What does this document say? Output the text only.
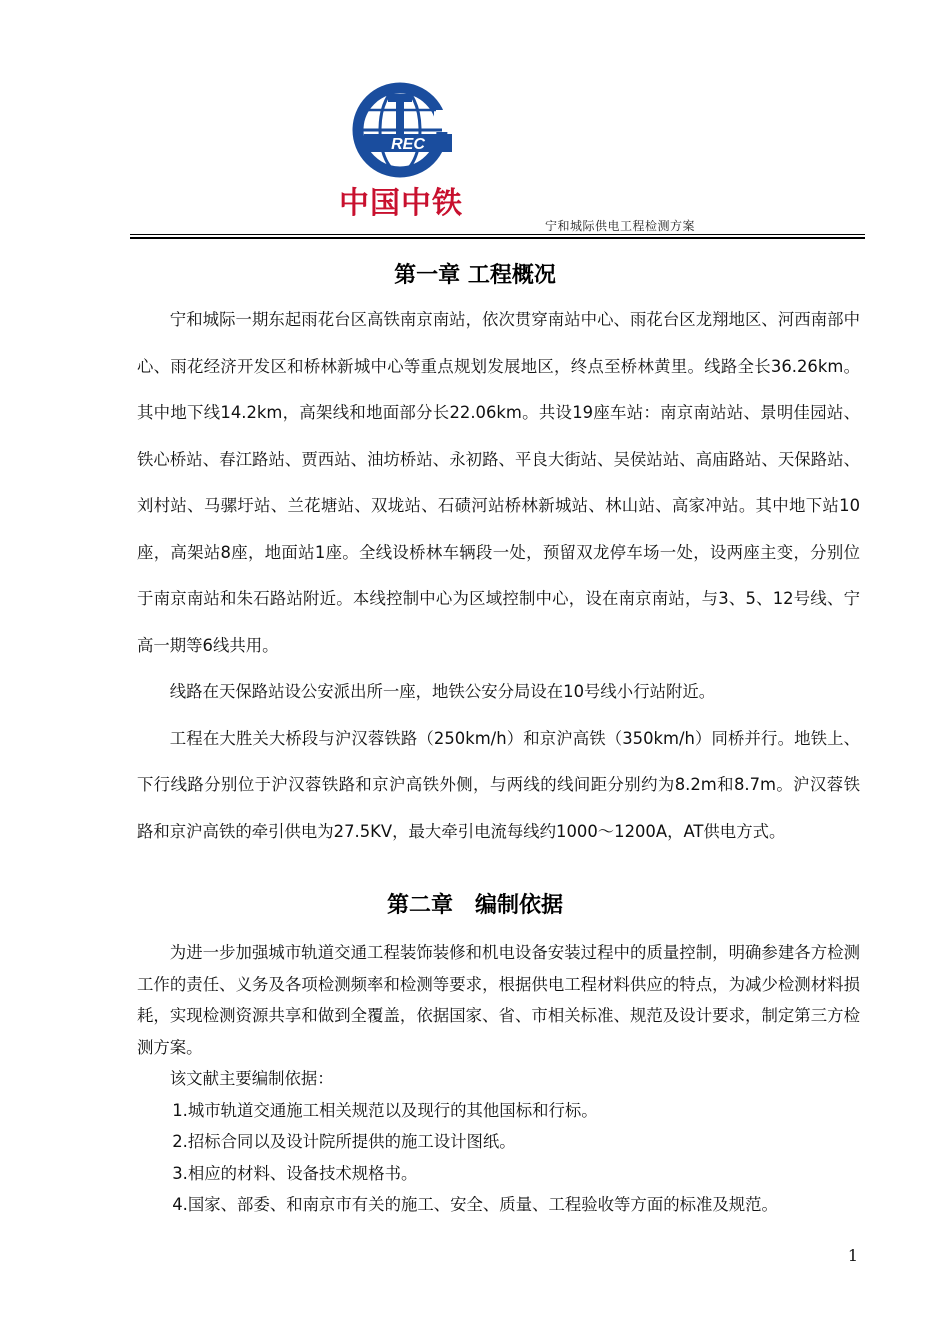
REC
中国中铁
宁和城际供电工程检测方案
第一章 工程概况

宁和城际一期东起雨花台区高铁南京南站，依次贯穿南站中心、雨花台区龙翔地区、河西南部中心、雨花经济开发区和桥林新城中心等重点规划发展地区，终点至桥林黄里。线路全长36.26km。其中地下线14.2km，高架线和地面部分长22.06km。共设19座车站：南京南站站、景明佳园站、铁心桥站、春江路站、贾西站、油坊桥站、永初路、平良大街站、吴侯站站、高庙路站、天保路站、刘村站、马骡圩站、兰花塘站、双垅站、石碛河站桥林新城站、林山站、高家冲站。其中地下站10座，高架站8座，地面站1座。全线设桥林车辆段一处，预留双龙停车场一处，设两座主变，分别位于南京南站和朱石路站附近。本线控制中心为区域控制中心，设在南京南站，与3、5、12号线、宁高一期等6线共用。

线路在天保路站设公安派出所一座，地铁公安分局设在10号线小行站附近。

工程在大胜关大桥段与沪汉蓉铁路（250km/h）和京沪高铁（350km/h）同桥并行。地铁上、下行线路分别位于沪汉蓉铁路和京沪高铁外侧，与两线的线间距分别约为8.2m和8.7m。沪汉蓉铁路和京沪高铁的牵引供电为27.5KV，最大牵引电流每线约1000～1200A，AT供电方式。

第二章　编制依据

为进一步加强城市轨道交通工程装饰装修和机电设备安装过程中的质量控制，明确参建各方检测工作的责任、义务及各项检测频率和检测等要求，根据供电工程材料供应的特点，为减少检测材料损耗，实现检测资源共享和做到全覆盖，依据国家、省、市相关标准、规范及设计要求，制定第三方检测方案。

该文献主要编制依据：

1.城市轨道交通施工相关规范以及现行的其他国标和行标。

2.招标合同以及设计院所提供的施工设计图纸。

3.相应的材料、设备技术规格书。

4.国家、部委、和南京市有关的施工、安全、质量、工程验收等方面的标准及规范。

1
